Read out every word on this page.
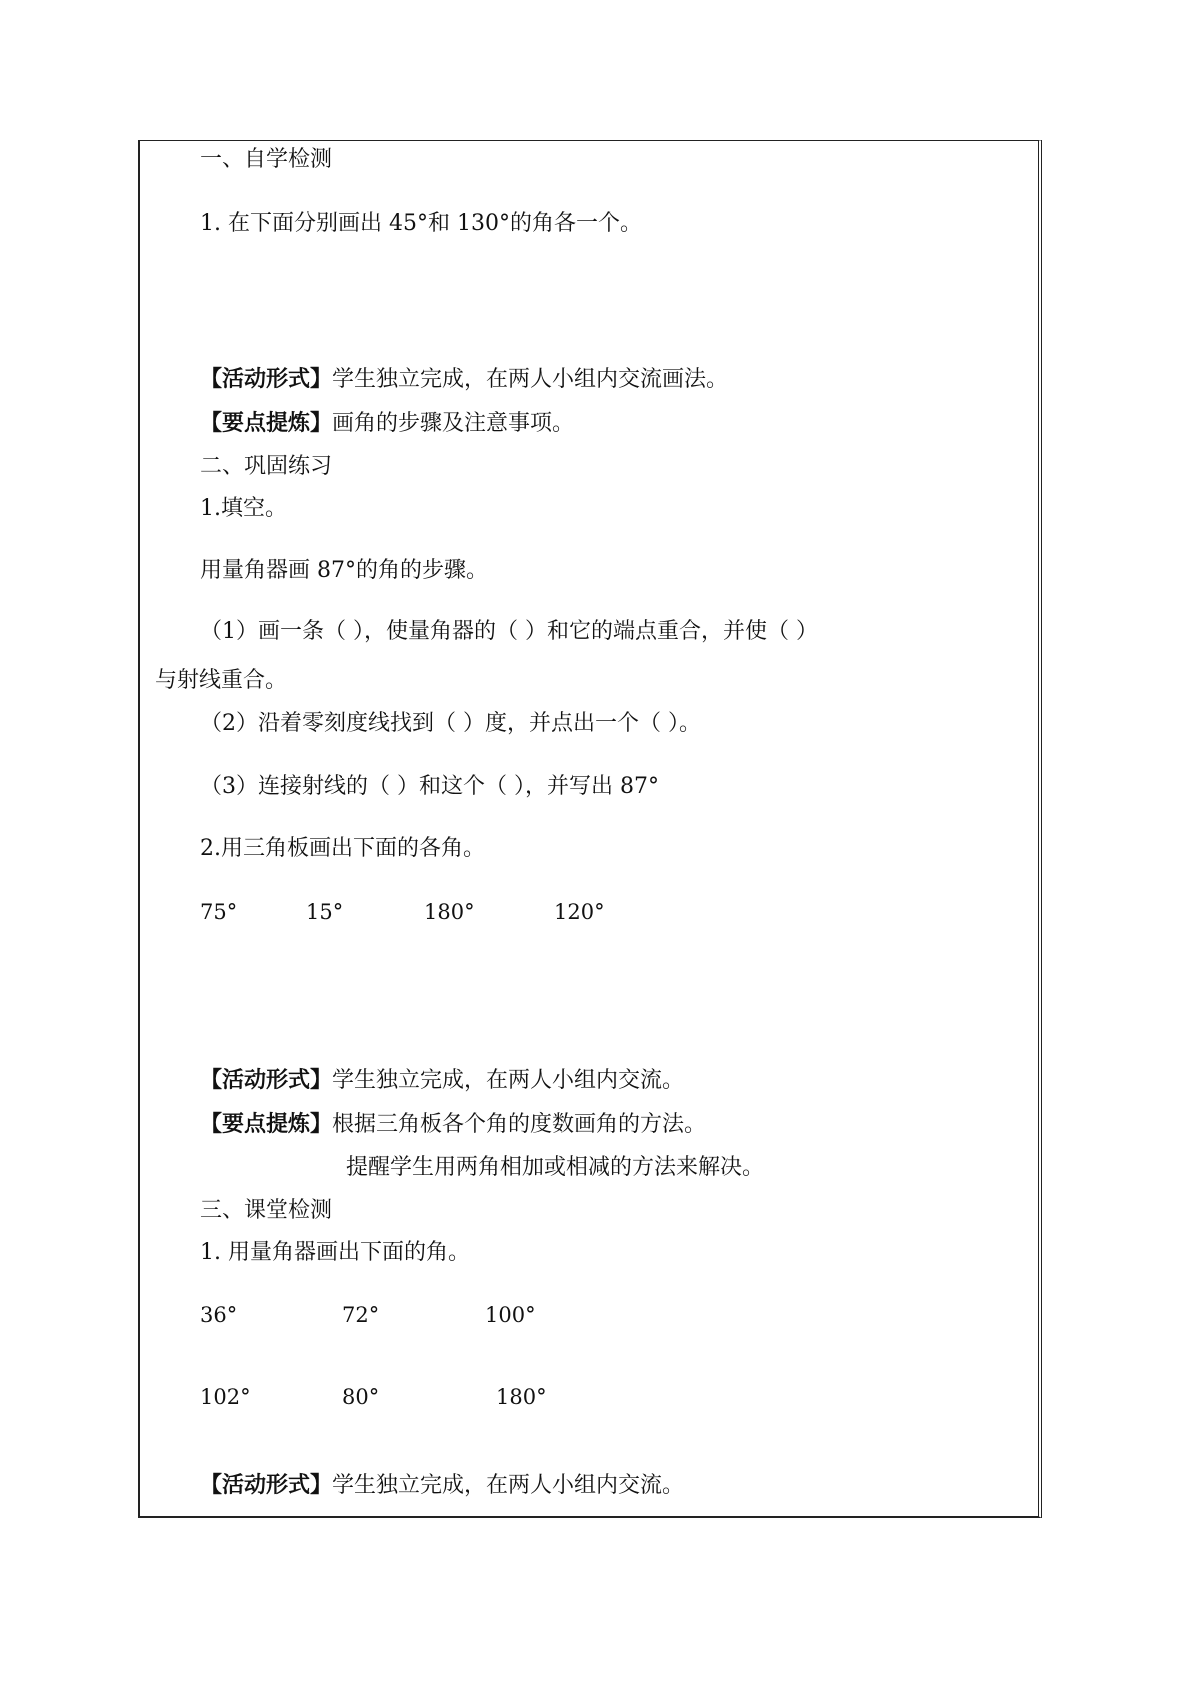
一、自学检测
1. 在下面分别画出 45°和 130°的角各一个。
【活动形式】学生独立完成，在两人小组内交流画法。
【要点提炼】画角的步骤及注意事项。
二、巩固练习
1.填空。
用量角器画 87°的角的步骤。
（1）画一条（ ），使量角器的（ ）和它的端点重合，并使（ ）
与射线重合。
（2）沿着零刻度线找到（ ）度，并点出一个（ ）。
（3）连接射线的（ ）和这个（ ），并写出 87°
2.用三角板画出下面的各角。
75°	15°	180°	120°
【活动形式】学生独立完成，在两人小组内交流。
【要点提炼】根据三角板各个角的度数画角的方法。
提醒学生用两角相加或相减的方法来解决。
三、课堂检测
1. 用量角器画出下面的角。
36°	72°	100°
102°	80°	180°
【活动形式】学生独立完成，在两人小组内交流。
